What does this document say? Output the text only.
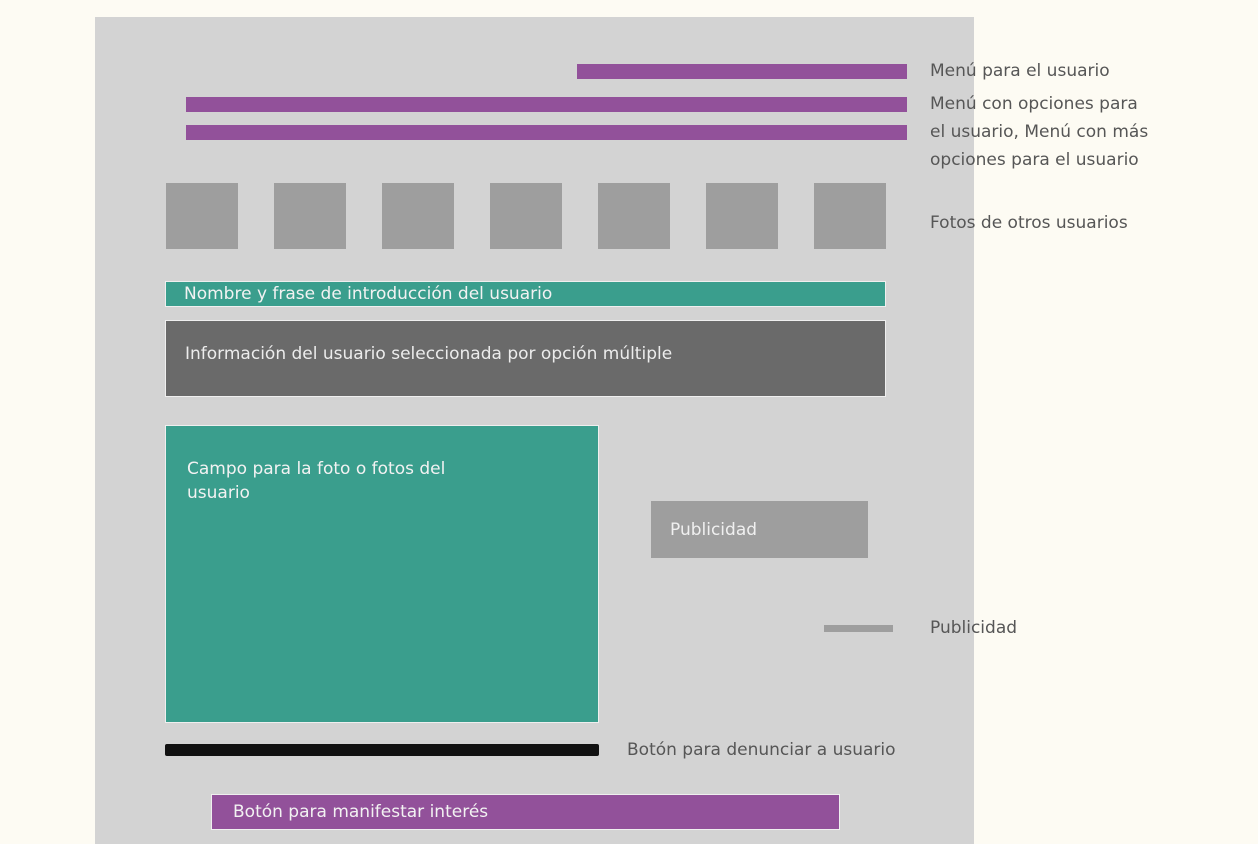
Nombre y frase de introducción del usuario
Información del usuario seleccionada por opción múltiple
Campo para la foto o fotos del
usuario
Publicidad
Botón para manifestar interés
Menú para el usuario
Menú con opciones para
el usuario, Menú con más
opciones para el usuario
Fotos de otros usuarios
Publicidad
Botón para denunciar a usuario
